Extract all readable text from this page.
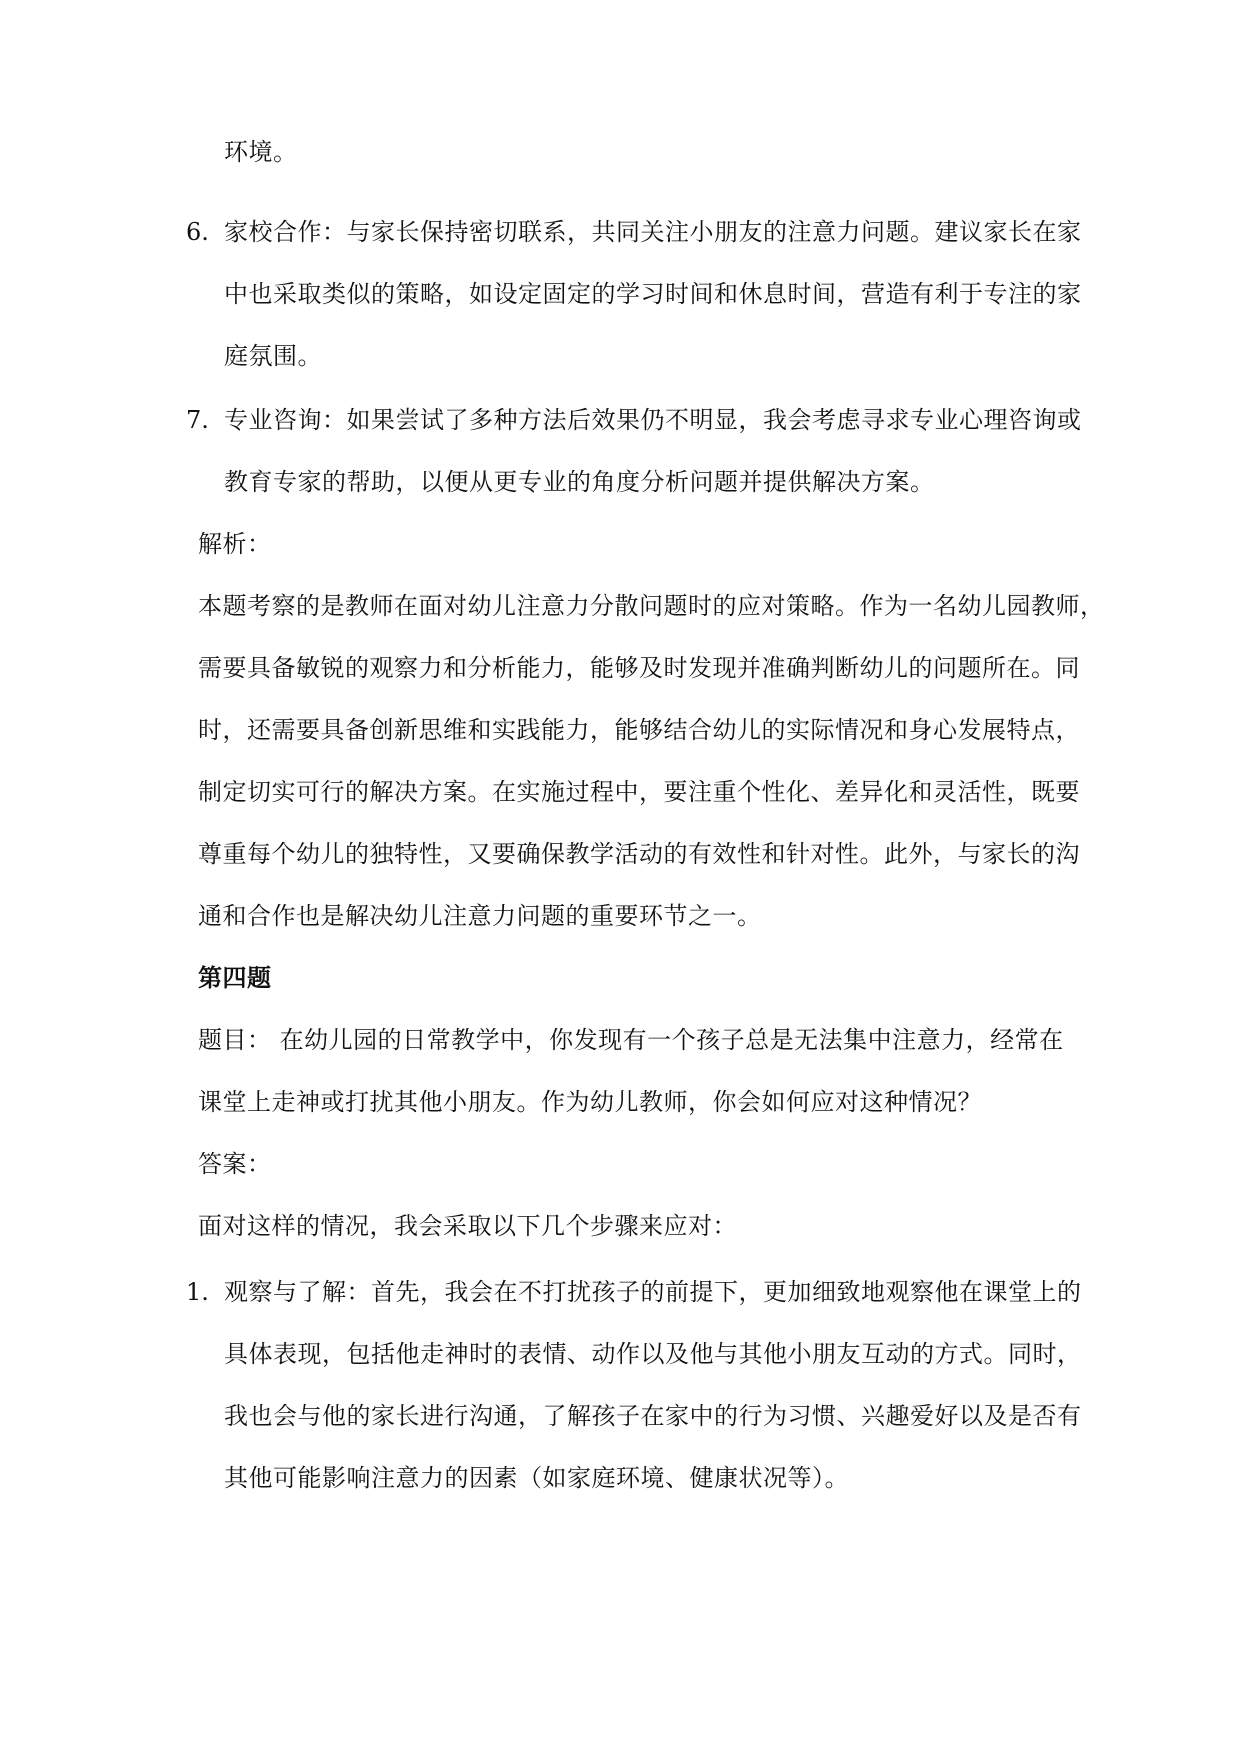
环境。
6. 家校合作：与家长保持密切联系，共同关注小朋友的注意力问题。建议家长在家
中也采取类似的策略，如设定固定的学习时间和休息时间，营造有利于专注的家
庭氛围。
7. 专业咨询：如果尝试了多种方法后效果仍不明显，我会考虑寻求专业心理咨询或
教育专家的帮助，以便从更专业的角度分析问题并提供解决方案。
解析：
本题考察的是教师在面对幼儿注意力分散问题时的应对策略。作为一名幼儿园教师，
需要具备敏锐的观察力和分析能力，能够及时发现并准确判断幼儿的问题所在。同
时，还需要具备创新思维和实践能力，能够结合幼儿的实际情况和身心发展特点，
制定切实可行的解决方案。在实施过程中，要注重个性化、差异化和灵活性，既要
尊重每个幼儿的独特性，又要确保教学活动的有效性和针对性。此外，与家长的沟
通和合作也是解决幼儿注意力问题的重要环节之一。
第四题
题目： 在幼儿园的日常教学中，你发现有一个孩子总是无法集中注意力，经常在
课堂上走神或打扰其他小朋友。作为幼儿教师，你会如何应对这种情况？
答案：
面对这样的情况，我会采取以下几个步骤来应对：
1. 观察与了解：首先，我会在不打扰孩子的前提下，更加细致地观察他在课堂上的
具体表现，包括他走神时的表情、动作以及他与其他小朋友互动的方式。同时，
我也会与他的家长进行沟通，了解孩子在家中的行为习惯、兴趣爱好以及是否有
其他可能影响注意力的因素（如家庭环境、健康状况等）。
